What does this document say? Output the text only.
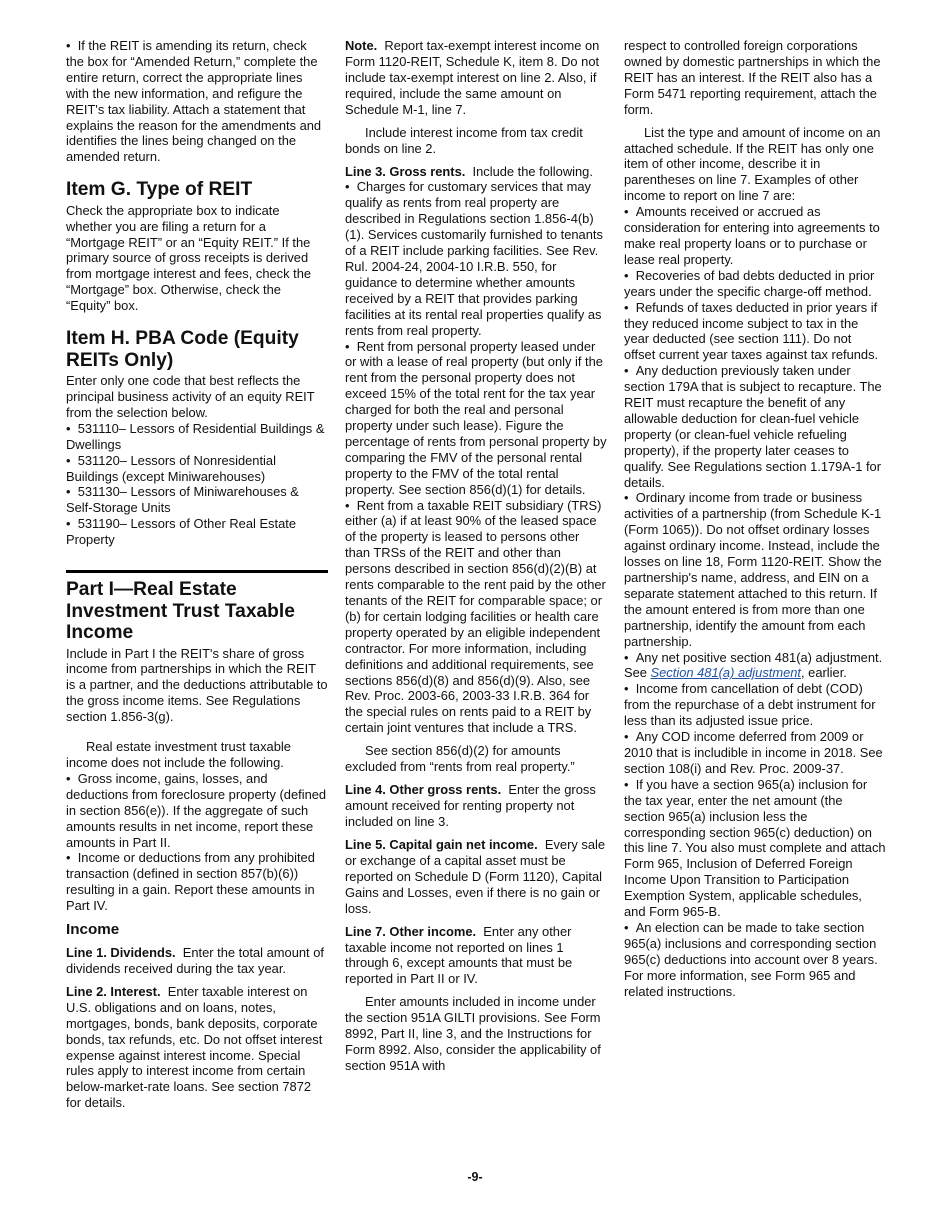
•  If the REIT is amending its return, check the box for “Amended Return,” complete the entire return, correct the appropriate lines with the new information, and refigure the REIT's tax liability. Attach a statement that explains the reason for the amendments and identifies the lines being changed on the amended return.

Item G. Type of REIT

Check the appropriate box to indicate whether you are filing a return for a “Mortgage REIT” or an “Equity REIT.” If the primary source of gross receipts is derived from mortgage interest and fees, check the “Mortgage” box. Otherwise, check the “Equity” box.

Item H. PBA Code (Equity REITs Only)
Enter only one code that best reflects the principal business activity of an equity REIT from the selection below.
•  531110– Lessors of Residential Buildings & Dwellings
•  531120– Lessors of Nonresidential Buildings (except Miniwarehouses)
•  531130– Lessors of Miniwarehouses & Self-Storage Units
•  531190– Lessors of Other Real Estate Property
Part I—Real Estate Investment Trust Taxable Income

Include in Part I the REIT's share of gross income from partnerships in which the REIT is a partner, and the deductions attributable to the gross income items. See Regulations section 1.856-3(g).

Real estate investment trust taxable income does not include the following.

•  Gross income, gains, losses, and deductions from foreclosure property (defined in section 856(e)). If the aggregate of such amounts results in net income, report these amounts in Part II.
•  Income or deductions from any prohibited transaction (defined in section 857(b)(6)) resulting in a gain. Report these amounts in Part IV.
Income

Line 1. Dividends. Enter the total amount of dividends received during the tax year.

Line 2. Interest. Enter taxable interest on U.S. obligations and on loans, notes, mortgages, bonds, bank deposits, corporate bonds, tax refunds, etc. Do not offset interest expense against interest income. Special rules apply to interest income from certain below-market-rate loans. See section 7872 for details.

Note. Report tax-exempt interest income on Form 1120-REIT, Schedule K, item 8. Do not include tax-exempt interest on line 2. Also, if required, include the same amount on Schedule M-1, line 7.

Include interest income from tax credit bonds on line 2.

Line 3. Gross rents. Include the following.
•  Charges for customary services that may qualify as rents from real property are described in Regulations section 1.856-4(b)(1). Services customarily furnished to tenants of a REIT include parking facilities. See Rev. Rul. 2004-24, 2004-10 I.R.B. 550, for guidance to determine whether amounts received by a REIT that provides parking facilities at its rental real properties qualify as rents from real property.
•  Rent from personal property leased under or with a lease of real property (but only if the rent from the personal property does not exceed 15% of the total rent for the tax year charged for both the real and personal property under such lease). Figure the percentage of rents from personal property by comparing the FMV of the personal rental property to the FMV of the total rental property. See section 856(d)(1) for details.
•  Rent from a taxable REIT subsidiary (TRS) either (a) if at least 90% of the leased space of the property is leased to persons other than TRSs of the REIT and other than persons described in section 856(d)(2)(B) at rents comparable to the rent paid by the other tenants of the REIT for comparable space; or (b) for certain lodging facilities or health care property operated by an eligible independent contractor. For more information, including definitions and additional requirements, see sections 856(d)(8) and 856(d)(9). Also, see Rev. Proc. 2003-66, 2003-33 I.R.B. 364 for the special rules on rents paid to a REIT by certain joint ventures that include a TRS.

See section 856(d)(2) for amounts excluded from “rents from real property.”

Line 4. Other gross rents. Enter the gross amount received for renting property not included on line 3.

Line 5. Capital gain net income. Every sale or exchange of a capital asset must be reported on Schedule D (Form 1120), Capital Gains and Losses, even if there is no gain or loss.

Line 7. Other income. Enter any other taxable income not reported on lines 1 through 6, except amounts that must be reported in Part II or IV.

Enter amounts included in income under the section 951A GILTI provisions. See Form 8992, Part II, line 3, and the Instructions for Form 8992. Also, consider the applicability of section 951A with

respect to controlled foreign corporations owned by domestic partnerships in which the REIT has an interest. If the REIT also has a Form 5471 reporting requirement, attach the form.

List the type and amount of income on an attached schedule. If the REIT has only one item of other income, describe it in parentheses on line 7. Examples of other income to report on line 7 are:
•  Amounts received or accrued as consideration for entering into agreements to make real property loans or to purchase or lease real property.
•  Recoveries of bad debts deducted in prior years under the specific charge-off method.
•  Refunds of taxes deducted in prior years if they reduced income subject to tax in the year deducted (see section 111). Do not offset current year taxes against tax refunds.
•  Any deduction previously taken under section 179A that is subject to recapture. The REIT must recapture the benefit of any allowable deduction for clean-fuel vehicle property (or clean-fuel vehicle refueling property), if the property later ceases to qualify. See Regulations section 1.179A-1 for details.
•  Ordinary income from trade or business activities of a partnership (from Schedule K-1 (Form 1065)). Do not offset ordinary losses against ordinary income. Instead, include the losses on line 18, Form 1120-REIT. Show the partnership's name, address, and EIN on a separate statement attached to this return. If the amount entered is from more than one partnership, identify the amount from each partnership.
•  Any net positive section 481(a) adjustment. See Section 481(a) adjustment, earlier.
•  Income from cancellation of debt (COD) from the repurchase of a debt instrument for less than its adjusted issue price.
•  Any COD income deferred from 2009 or 2010 that is includible in income in 2018. See section 108(i) and Rev. Proc. 2009-37.
•  If you have a section 965(a) inclusion for the tax year, enter the net amount (the section 965(a) inclusion less the corresponding section 965(c) deduction) on this line 7. You also must complete and attach Form 965, Inclusion of Deferred Foreign Income Upon Transition to Participation Exemption System, applicable schedules, and Form 965-B.
•  An election can be made to take section 965(a) inclusions and corresponding section 965(c) deductions into account over 8 years. For more information, see Form 965 and related instructions.
-9-
